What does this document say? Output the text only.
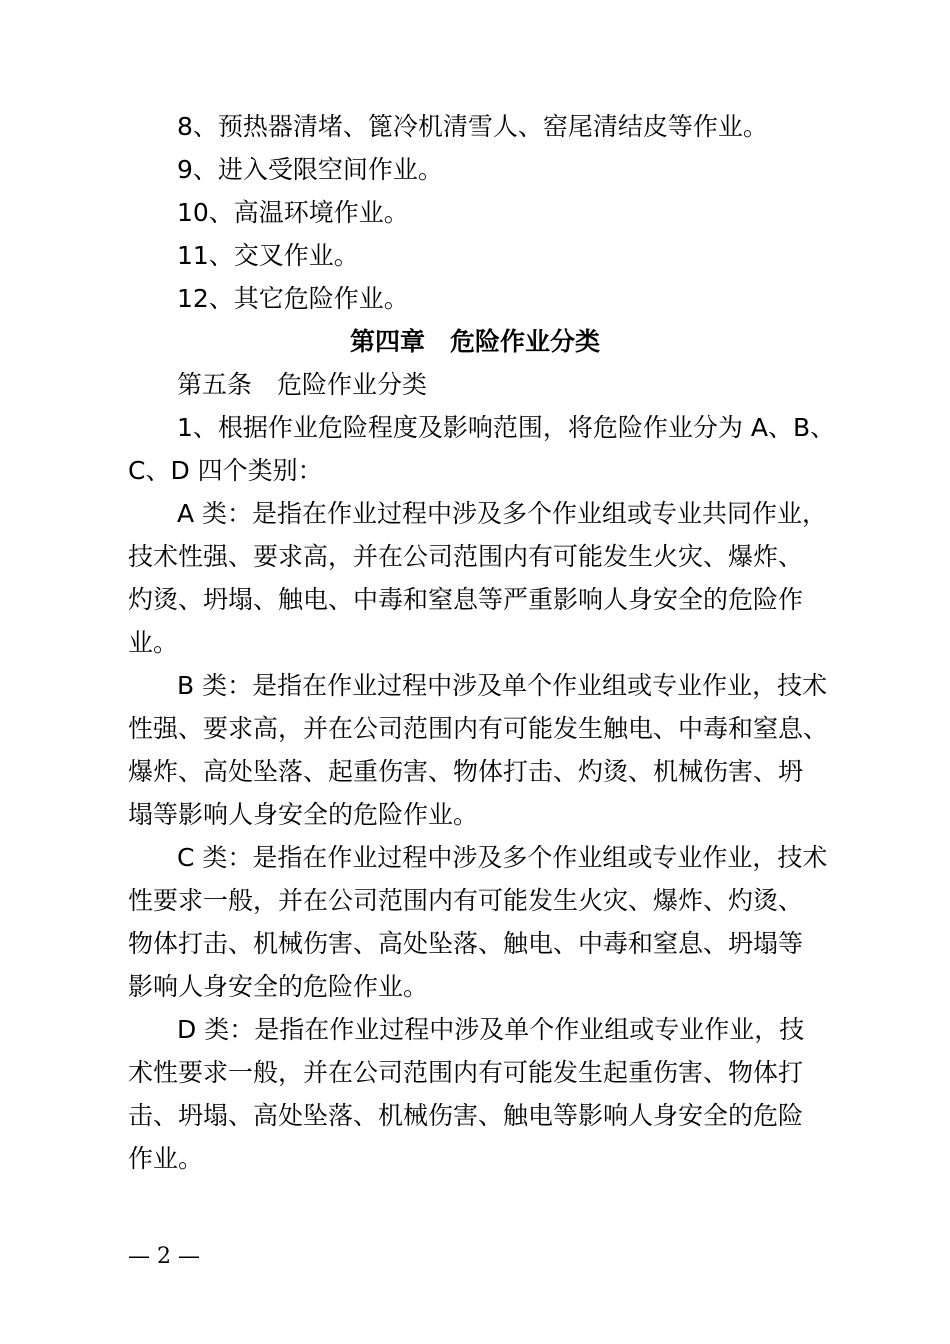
8、预热器清堵、篦冷机清雪人、窑尾清结皮等作业。
9、进入受限空间作业。
10、高温环境作业。
11、交叉作业。
12、其它危险作业。
第四章　危险作业分类
第五条　危险作业分类
1、根据作业危险程度及影响范围，将危险作业分为 A、B、
C、D 四个类别：
A 类：是指在作业过程中涉及多个作业组或专业共同作业，
技术性强、要求高，并在公司范围内有可能发生火灾、爆炸、
灼烫、坍塌、触电、中毒和窒息等严重影响人身安全的危险作
业。
B 类：是指在作业过程中涉及单个作业组或专业作业，技术
性强、要求高，并在公司范围内有可能发生触电、中毒和窒息、
爆炸、高处坠落、起重伤害、物体打击、灼烫、机械伤害、坍
塌等影响人身安全的危险作业。
C 类：是指在作业过程中涉及多个作业组或专业作业，技术
性要求一般，并在公司范围内有可能发生火灾、爆炸、灼烫、
物体打击、机械伤害、高处坠落、触电、中毒和窒息、坍塌等
影响人身安全的危险作业。
D 类：是指在作业过程中涉及单个作业组或专业作业，技
术性要求一般，并在公司范围内有可能发生起重伤害、物体打
击、坍塌、高处坠落、机械伤害、触电等影响人身安全的危险
作业。
— 2 —
